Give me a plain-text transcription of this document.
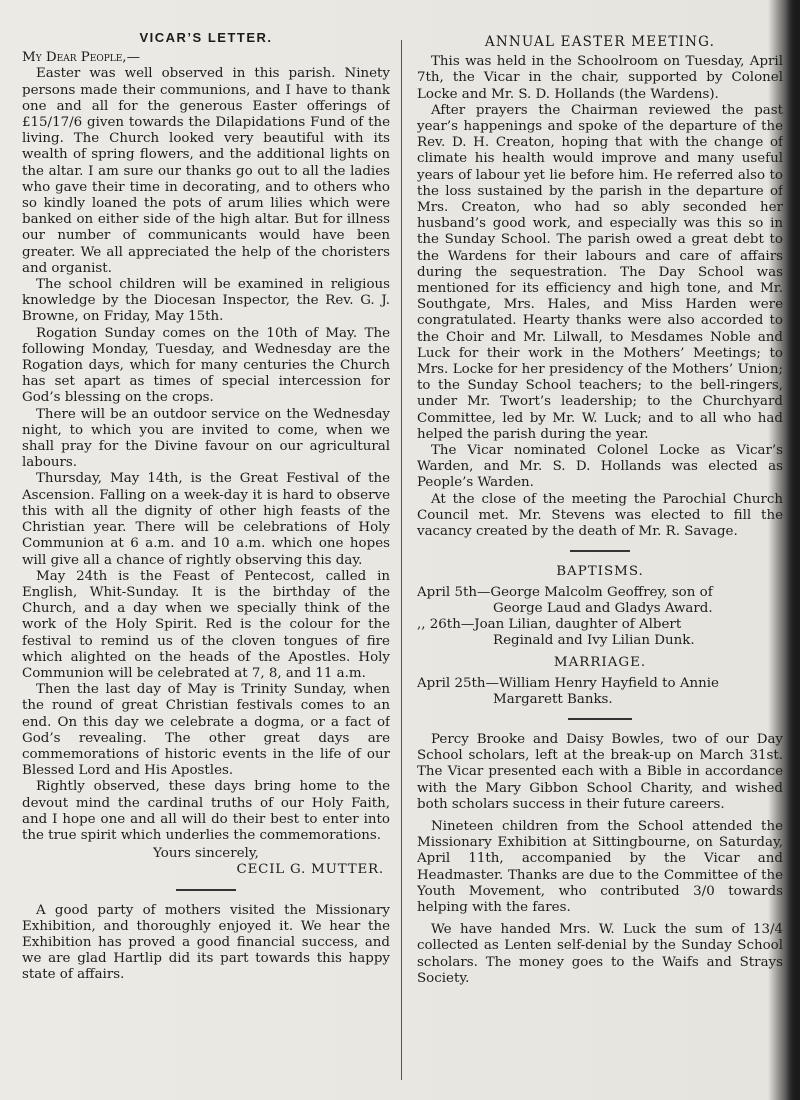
VICAR’S LETTER.

My Dear People,—

Easter was well observed in this parish. Ninety persons made their communions, and I have to thank one and all for the generous Easter offerings of £15/17/6 given towards the Dilapidations Fund of the living. The Church looked very beautiful with its wealth of spring flowers, and the additional lights on the altar. I am sure our thanks go out to all the ladies who gave their time in decorating, and to others who so kindly loaned the pots of arum lilies which were banked on either side of the high altar. But for illness our number of communicants would have been greater. We all appreciated the help of the choristers and organist.

The school children will be examined in religious knowledge by the Diocesan Inspector, the Rev. G. J. Browne, on Friday, May 15th.

Rogation Sunday comes on the 10th of May. The following Monday, Tuesday, and Wednesday are the Rogation days, which for many centuries the Church has set apart as times of special intercession for God’s blessing on the crops.

There will be an outdoor service on the Wednesday night, to which you are invited to come, when we shall pray for the Divine favour on our agricultural labours.

Thursday, May 14th, is the Great Festival of the Ascension. Falling on a week-day it is hard to observe this with all the dignity of other high feasts of the Christian year. There will be celebrations of Holy Communion at 6 a.m. and 10 a.m. which one hopes will give all a chance of rightly observing this day.

May 24th is the Feast of Pentecost, called in English, Whit-Sunday. It is the birthday of the Church, and a day when we specially think of the work of the Holy Spirit. Red is the colour for the festival to remind us of the cloven tongues of fire which alighted on the heads of the Apostles. Holy Communion will be celebrated at 7, 8, and 11 a.m.

Then the last day of May is Trinity Sunday, when the round of great Christian festivals comes to an end. On this day we celebrate a dogma, or a fact of God’s revealing. The other great days are commemorations of historic events in the life of our Blessed Lord and His Apostles.

Rightly observed, these days bring home to the devout mind the cardinal truths of our Holy Faith, and I hope one and all will do their best to enter into the true spirit which underlies the commemorations.

Yours sincerely,
CECIL G. MUTTER.

A good party of mothers visited the Missionary Exhibition, and thoroughly enjoyed it. We hear the Exhibition has proved a good financial success, and we are glad Hartlip did its part towards this happy state of affairs.

ANNUAL EASTER MEETING.

This was held in the Schoolroom on Tuesday, April 7th, the Vicar in the chair, supported by Colonel Locke and Mr. S. D. Hollands (the Wardens).

After prayers the Chairman reviewed the past year’s happenings and spoke of the departure of the Rev. D. H. Creaton, hoping that with the change of climate his health would improve and many useful years of labour yet lie before him. He referred also to the loss sustained by the parish in the departure of Mrs. Creaton, who had so ably seconded her husband’s good work, and especially was this so in the Sunday School. The parish owed a great debt to the Wardens for their labours and care of affairs during the sequestration. The Day School was mentioned for its efficiency and high tone, and Mr. Southgate, Mrs. Hales, and Miss Harden were congratulated. Hearty thanks were also accorded to the Choir and Mr. Lilwall, to Mesdames Noble and Luck for their work in the Mothers’ Meetings; to Mrs. Locke for her presidency of the Mothers’ Union; to the Sunday School teachers; to the bell-ringers, under Mr. Twort’s leadership; to the Churchyard Committee, led by Mr. W. Luck; and to all who had helped the parish during the year.

The Vicar nominated Colonel Locke as Vicar’s Warden, and Mr. S. D. Hollands was elected as People’s Warden.

At the close of the meeting the Parochial Church Council met. Mr. Stevens was elected to fill the vacancy created by the death of Mr. R. Savage.

BAPTISMS.

April 5th—George Malcolm Geoffrey, son of
George Laud and Gladys Award.

,, 26th—Joan Lilian, daughter of Albert
Reginald and Ivy Lilian Dunk.

MARRIAGE.

April 25th—William Henry Hayfield to Annie
Margarett Banks.

Percy Brooke and Daisy Bowles, two of our Day School scholars, left at the break-up on March 31st. The Vicar presented each with a Bible in accordance with the Mary Gibbon School Charity, and wished both scholars success in their future careers.

Nineteen children from the School attended the Missionary Exhibition at Sittingbourne, on Saturday, April 11th, accompanied by the Vicar and Headmaster. Thanks are due to the Committee of the Youth Movement, who contributed 3/0 towards helping with the fares.

We have handed Mrs. W. Luck the sum of 13/4 collected as Lenten self-denial by the Sunday School scholars. The money goes to the Waifs and Strays Society.
